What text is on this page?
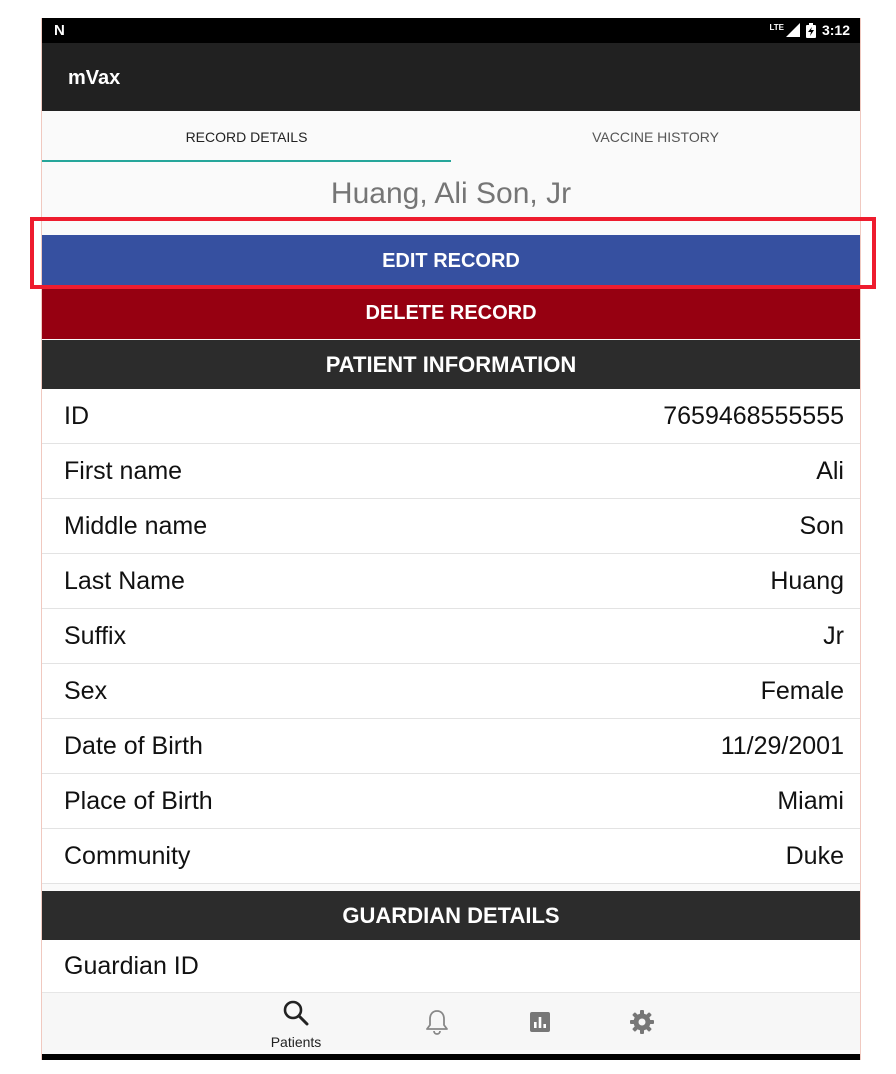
N	LTE	3:12
mVax
RECORD DETAILS	VACCINE HISTORY
Huang, Ali Son, Jr
EDIT RECORD
DELETE RECORD
PATIENT INFORMATION
ID	7659468555555
First name	Ali
Middle name	Son
Last Name	Huang
Suffix	Jr
Sex	Female
Date of Birth	11/29/2001
Place of Birth	Miami
Community	Duke
GUARDIAN DETAILS
Guardian ID
Patients
